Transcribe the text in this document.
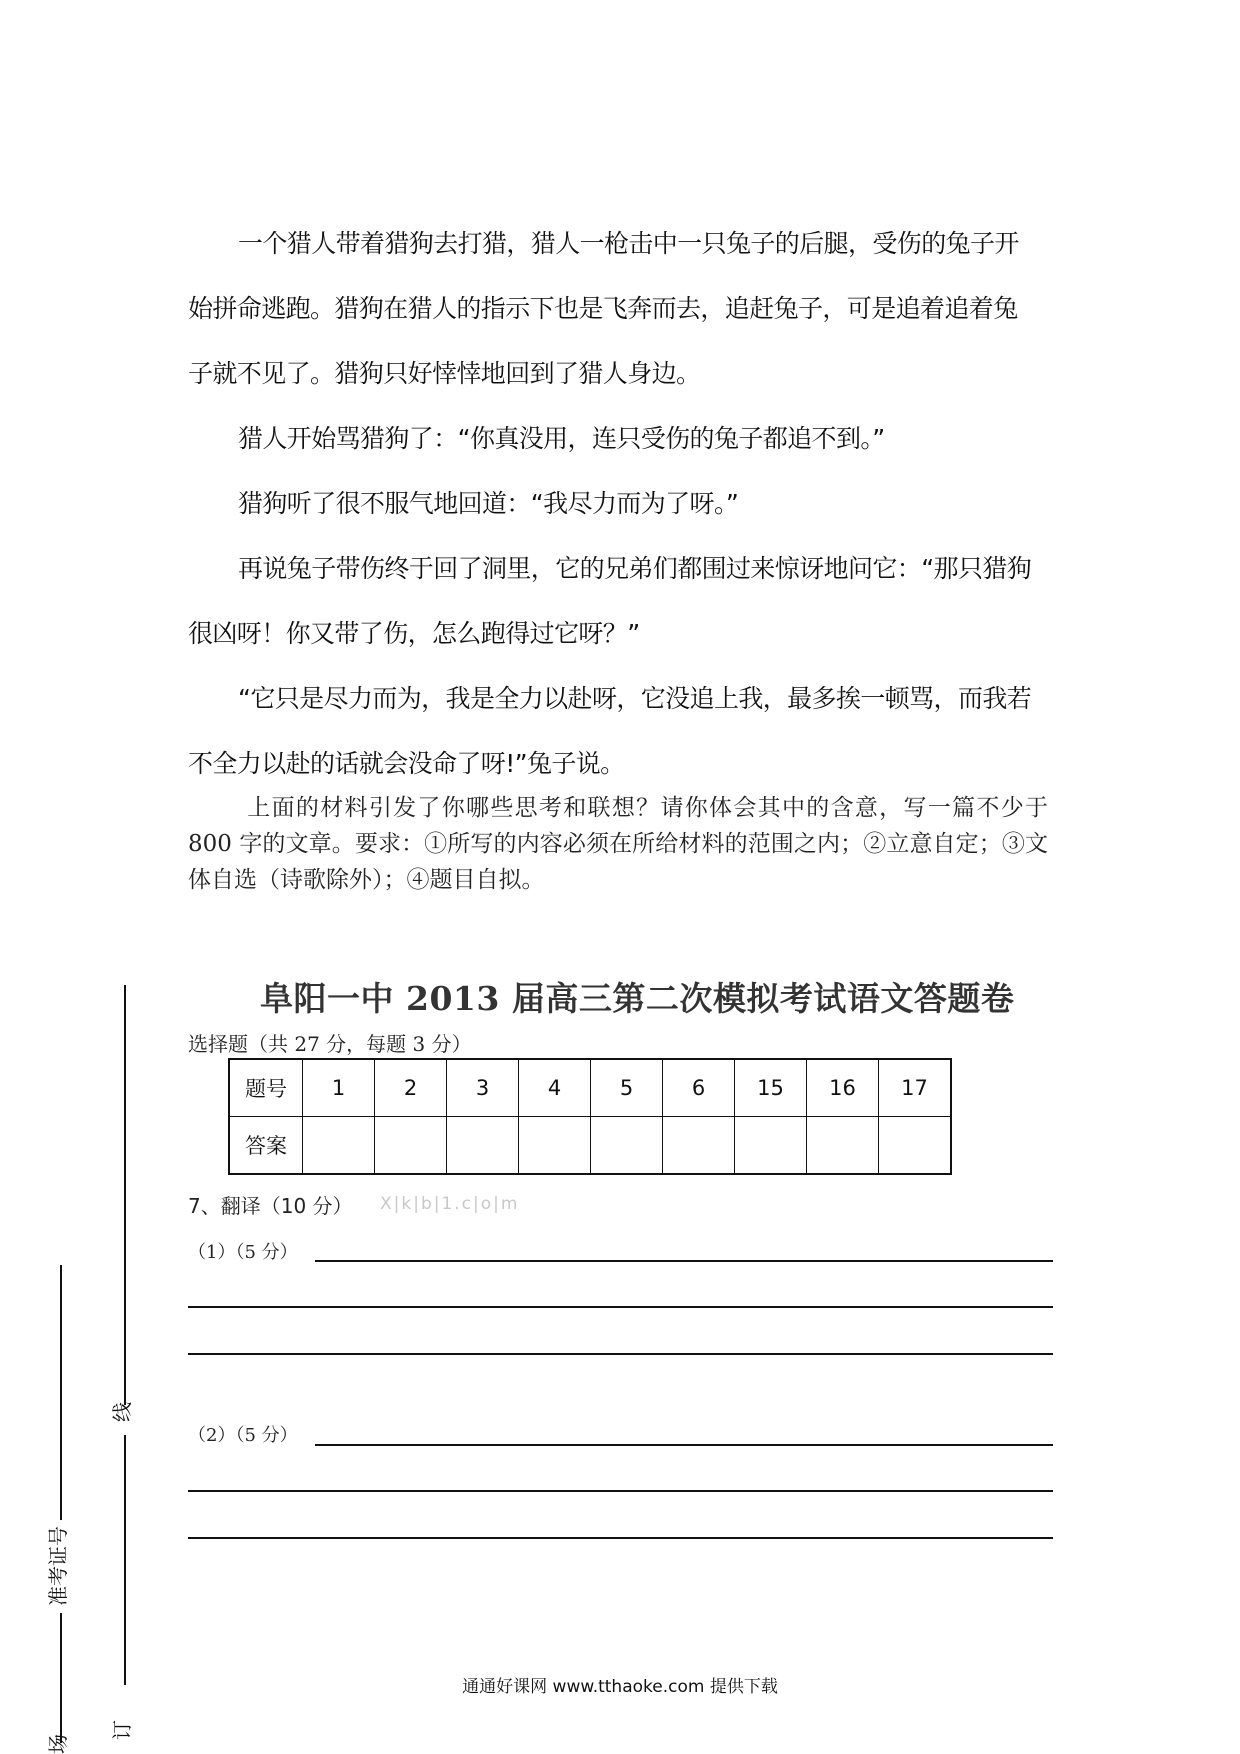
一个猎人带着猎狗去打猎，猎人一枪击中一只兔子的后腿，受伤的兔子开

始拼命逃跑。猎狗在猎人的指示下也是飞奔而去，追赶兔子，可是追着追着兔

子就不见了。猎狗只好悻悻地回到了猎人身边。

猎人开始骂猎狗了：“你真没用，连只受伤的兔子都追不到。”

猎狗听了很不服气地回道：“我尽力而为了呀。”

再说兔子带伤终于回了洞里，它的兄弟们都围过来惊讶地问它：“那只猎狗

很凶呀！你又带了伤，怎么跑得过它呀？”

“它只是尽力而为，我是全力以赴呀，它没追上我，最多挨一顿骂，而我若

不全力以赴的话就会没命了呀!”兔子说。

上面的材料引发了你哪些思考和联想？请你体会其中的含意，写一篇不少于 800 字的文章。要求：①所写的内容必须在所给材料的范围之内；②立意自定；③文体自选（诗歌除外）；④题目自拟。
阜阳一中 2013 届高三第二次模拟考试语文答题卷
选择题（共 27 分，每题 3 分）
题号	1	2	3	4	5	6	15	16	17
答案									
7、翻译（10 分） X|k|b|1.c|o|m
（1）（5 分）
（2）（5 分）
线
订
准考证号
场
通通好课网 www.tthaoke.com 提供下载
